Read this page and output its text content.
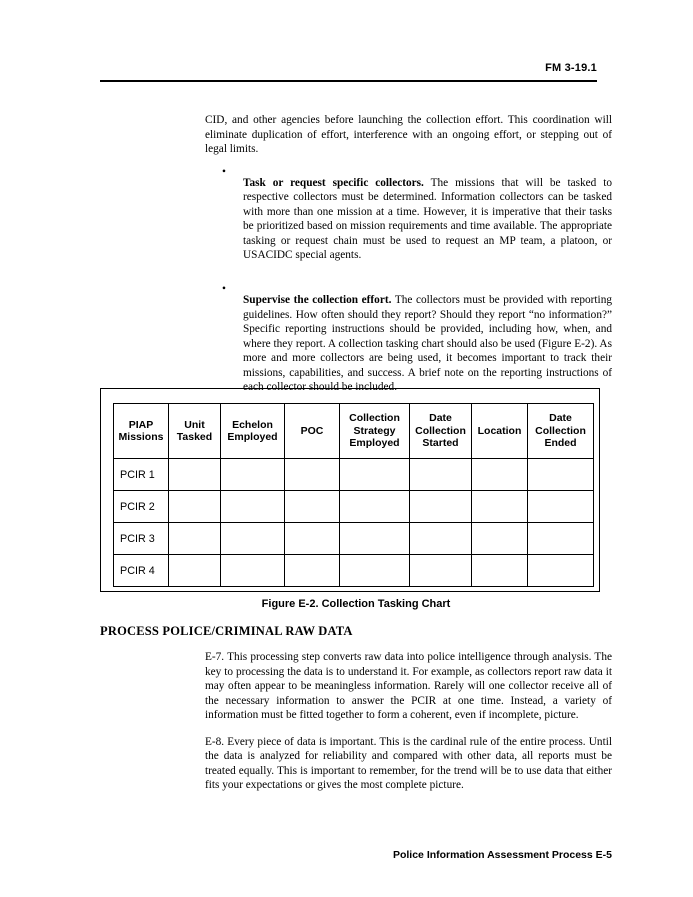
FM 3-19.1

CID, and other agencies before launching the collection effort. This coordination will eliminate duplication of effort, interference with an ongoing effort, or stepping out of legal limits.

•

Task or request specific collectors. The missions that will be tasked to respective collectors must be determined. Information collectors can be tasked with more than one mission at a time. However, it is imperative that their tasks be prioritized based on mission requirements and time available. The appropriate tasking or request chain must be used to request an MP team, a platoon, or USACIDC special agents.

•

Supervise the collection effort. The collectors must be provided with reporting guidelines. How often should they report? Should they report “no information?” Specific reporting instructions should be provided, including how, when, and where they report. A collection tasking chart should also be used (Figure E-2). As more and more collectors are being used, it becomes important to track their missions, capabilities, and success. A brief note on the reporting instructions of each collector should be included.

PIAP Missions	Unit Tasked	Echelon Employed	POC	Collection Strategy Employed	Date Collection Started	Location	Date Collection Ended
PCIR 1							
PCIR 2							
PCIR 3							
PCIR 4							
Figure E-2. Collection Tasking Chart
PROCESS POLICE/CRIMINAL RAW DATA

E-7. This processing step converts raw data into police intelligence through analysis. The key to processing the data is to understand it. For example, as collectors report raw data it may often appear to be meaningless information. Rarely will one collector receive all of the necessary information to answer the PCIR at one time. Instead, a variety of information must be fitted together to form a coherent, even if incomplete, picture.

E-8. Every piece of data is important. This is the cardinal rule of the entire process. Until the data is analyzed for reliability and compared with other data, all reports must be treated equally. This is important to remember, for the trend will be to use data that either fits your expectations or gives the most complete picture.

Police Information Assessment Process E-5
